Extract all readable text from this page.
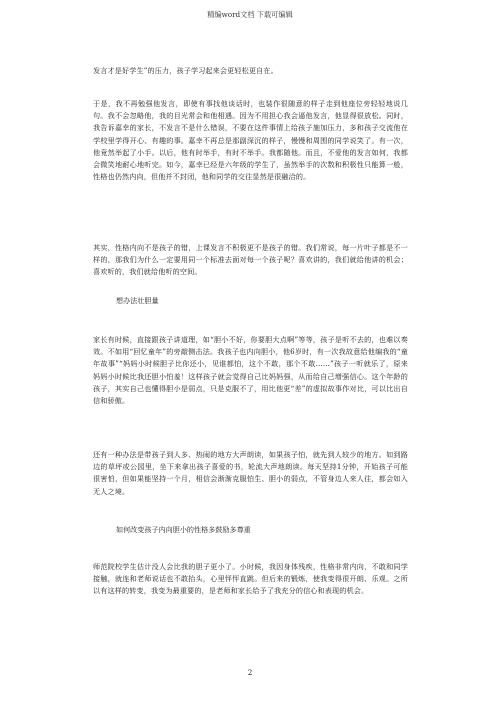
精编word文档 下载可编辑

发言才是好学生”的压力，孩子学习起来会更轻松更自在。

于是，我不再勉强他发言，即使有事找他谈话时，也装作很随意的样子走到他座位旁轻轻地说几句。我不会忽略他，我的目光常会和他相遇。因为不用担心我会逼他发言，他显得很放松。同时，我告诉嘉幸的家长，不发言不是什么错误，不要在这件事情上给孩子施加压力，多和孩子交流他在学校里学得开心、有趣的事。嘉幸不再总是那副深沉的样子，慢慢和周围的同学说笑了。有一次，他竟然举起了小手。以后，他有时举手，有时不举手。我都随他。而且，不爱他的发言如何，我都会微笑地耐心地听完。如今，嘉幸已经是六年级的学生了，虽然举手的次数和积极性只能算一般，性格也仍然内向，但他并不封闭，他和同学的交往显然是很融洽的。

其实，性格内向不是孩子的错，上课发言不积极更不是孩子的错。我们常说，每一片叶子都是不一样的，那我们为什么一定要用同一个标准去面对每一个孩子呢？喜欢讲的，我们就给他讲的机会；喜欢听的，我们就给他听的空间。

想办法壮胆量

家长有时候，直接跟孩子讲道理，如“胆小不好，你要胆大点啊”等等，孩子是听不去的，也难以奏效。不如用“回忆童年”的旁敲侧击法。我孩子也内向胆小，他6岁时，有一次我故意给他编我的“童年故事”“妈妈小时候胆子比你还小，见谁都怕，这个不敢，那个不敢……”孩子一听就乐了，原来妈妈小时候比我还胆小怕羞！这样孩子就会觉得自己比妈妈强，从而给自己增强信心。这个年龄的孩子，其实自己也懂得胆小是弱点，只是克服不了，用比他更“差”的虚拟故事作对比，可以比出自信和骄傲。

还有一种办法是带孩子到人多、热闹的地方大声朗读，如果孩子怕，就先到人较少的地方。如到路边的草坪或公园里，坐下来拿出孩子喜爱的书，轮流大声地朗读。每天坚持1分钟，开始孩子可能很害怕，但如果能坚持一个月，相信会渐渐克服怕生、胆小的弱点，不管身边人来人往，都会如入无人之境。

如何改变孩子内向胆小的性格多鼓励多尊重

师范院校学生估计没人会比我的胆子更小了。小时候，我因身体残疾，性格非常内向，不敢和同学接触，就连和老师说话也不敢抬头，心里怦怦直跳。但后来的锻炼，使我变得很开朗、乐观。之所以有这样的转变，我变为最重要的，是老师和家长给予了我充分的信心和表现的机会。

2
